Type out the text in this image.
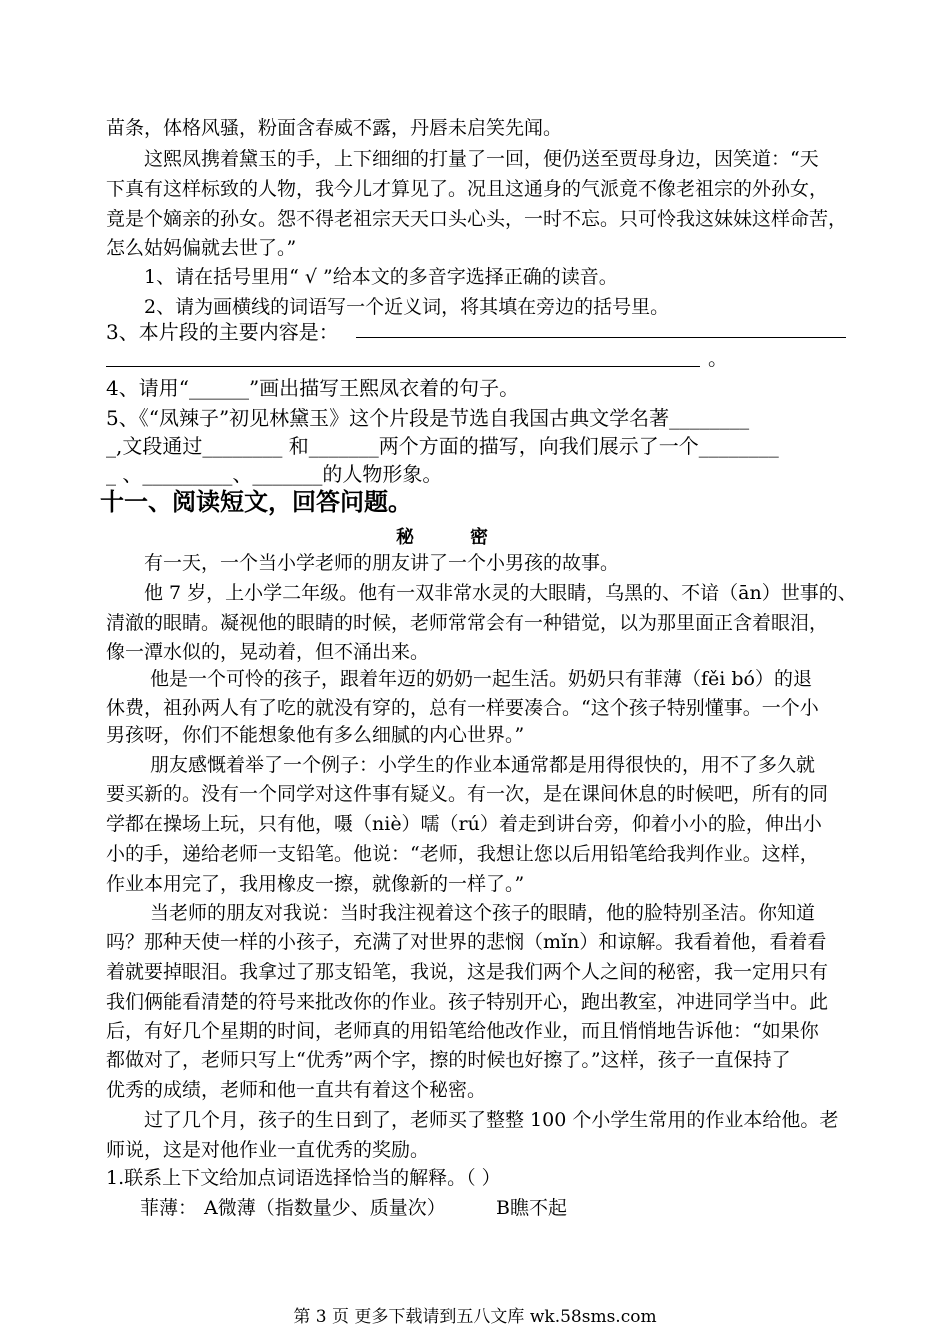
苗条，体格风骚，粉面含春威不露，丹唇未启笑先闻。
这熙凤携着黛玉的手，上下细细的打量了一回，便仍送至贾母身边，因笑道：“天
下真有这样标致的人物，我今儿才算见了。况且这通身的气派竟不像老祖宗的外孙女，
竟是个嫡亲的孙女。怨不得老祖宗天天口头心头，一时不忘。只可怜我这妹妹这样命苦，
怎么姑妈偏就去世了。”
1、请在括号里用“ √ ”给本文的多音字选择正确的读音。
2、请为画横线的词语写一个近义词，将其填在旁边的括号里。
3、本片段的主要内容是：
。
4、请用“______”画出描写王熙凤衣着的句子。
5、《“凤辣子”初见林黛玉》这个片段是节选自我国古典文学名著________
_,文段通过________ 和_______两个方面的描写，向我们展示了一个________
_ 、_________、_______的人物形象。
十一、阅读短文，回答问题。
秘	密
有一天，一个当小学老师的朋友讲了一个小男孩的故事。
他 7 岁，上小学二年级。他有一双非常水灵的大眼睛，乌黑的、不谙（ān）世事的、
清澈的眼睛。凝视他的眼睛的时候，老师常常会有一种错觉，以为那里面正含着眼泪，
像一潭水似的，晃动着，但不涌出来。
他是一个可怜的孩子，跟着年迈的奶奶一起生活。奶奶只有菲薄（fěi bó）的退
休费，祖孙两人有了吃的就没有穿的，总有一样要凑合。“这个孩子特别懂事。一个小
男孩呀，你们不能想象他有多么细腻的内心世界。”
朋友感慨着举了一个例子：小学生的作业本通常都是用得很快的，用不了多久就
要买新的。没有一个同学对这件事有疑义。有一次，是在课间休息的时候吧，所有的同
学都在操场上玩，只有他，嗫（niè）嚅（rú）着走到讲台旁，仰着小小的脸，伸出小
小的手，递给老师一支铅笔。他说：“老师，我想让您以后用铅笔给我判作业。这样，
作业本用完了，我用橡皮一擦，就像新的一样了。”
当老师的朋友对我说：当时我注视着这个孩子的眼睛，他的脸特别圣洁。你知道
吗？那种天使一样的小孩子，充满了对世界的悲悯（mǐn）和谅解。我看着他，看着看
着就要掉眼泪。我拿过了那支铅笔，我说，这是我们两个人之间的秘密，我一定用只有
我们俩能看清楚的符号来批改你的作业。孩子特别开心，跑出教室，冲进同学当中。此
后，有好几个星期的时间，老师真的用铅笔给他改作业，而且悄悄地告诉他：“如果你
都做对了，老师只写上“优秀”两个字，擦的时候也好擦了。”这样，孩子一直保持了
优秀的成绩，老师和他一直共有着这个秘密。
过了几个月，孩子的生日到了，老师买了整整 100 个小学生常用的作业本给他。老
师说，这是对他作业一直优秀的奖励。
1.联系上下文给加点词语选择恰当的解释。（ ）
菲薄： A微薄（指数量少、质量次）	B瞧不起
第 3 页 更多下载请到五八文库 wk.58sms.com
